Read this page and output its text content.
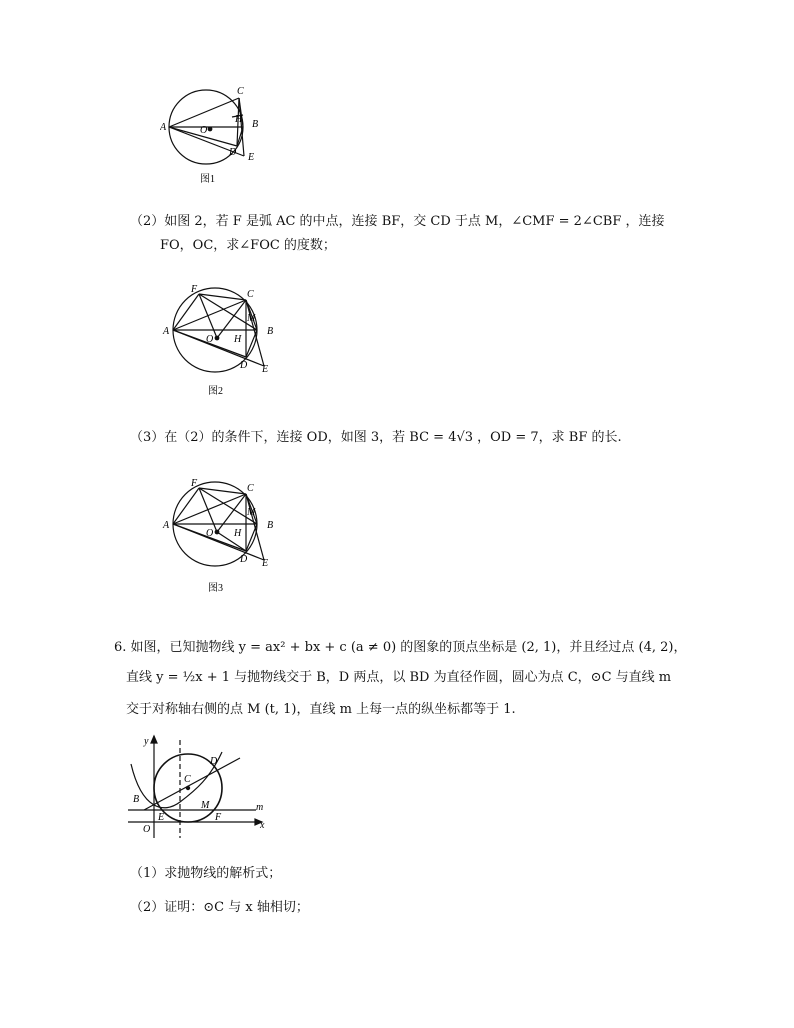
A
C
O
H B
D E
图1
（2）如图 2，若 F 是弧 AC 的中点，连接 BF，交 CD 于点 M，∠CMF = 2∠CBF ，连接
FO，OC，求∠FOC 的度数；
F	C
A
M
B
O H
D E
图2
（3）在（2）的条件下，连接 OD，如图 3，若 BC = 4√3 ，OD = 7，求 BF 的长.
F	C
A
M
B
O H
D E
图3
6. 如图，已知抛物线 y = ax² + bx + c (a ≠ 0) 的图象的顶点坐标是 (2, 1)，并且经过点 (4, 2)，
直线 y = ½x + 1 与抛物线交于 B，D 两点，以 BD 为直径作圆，圆心为点 C，⊙C 与直线 m
交于对称轴右侧的点 M (t, 1)，直线 m 上每一点的纵坐标都等于 1.
y
D
C
B
M	m
O
E	F
x
（1）求抛物线的解析式；
（2）证明：⊙C 与 x 轴相切；
